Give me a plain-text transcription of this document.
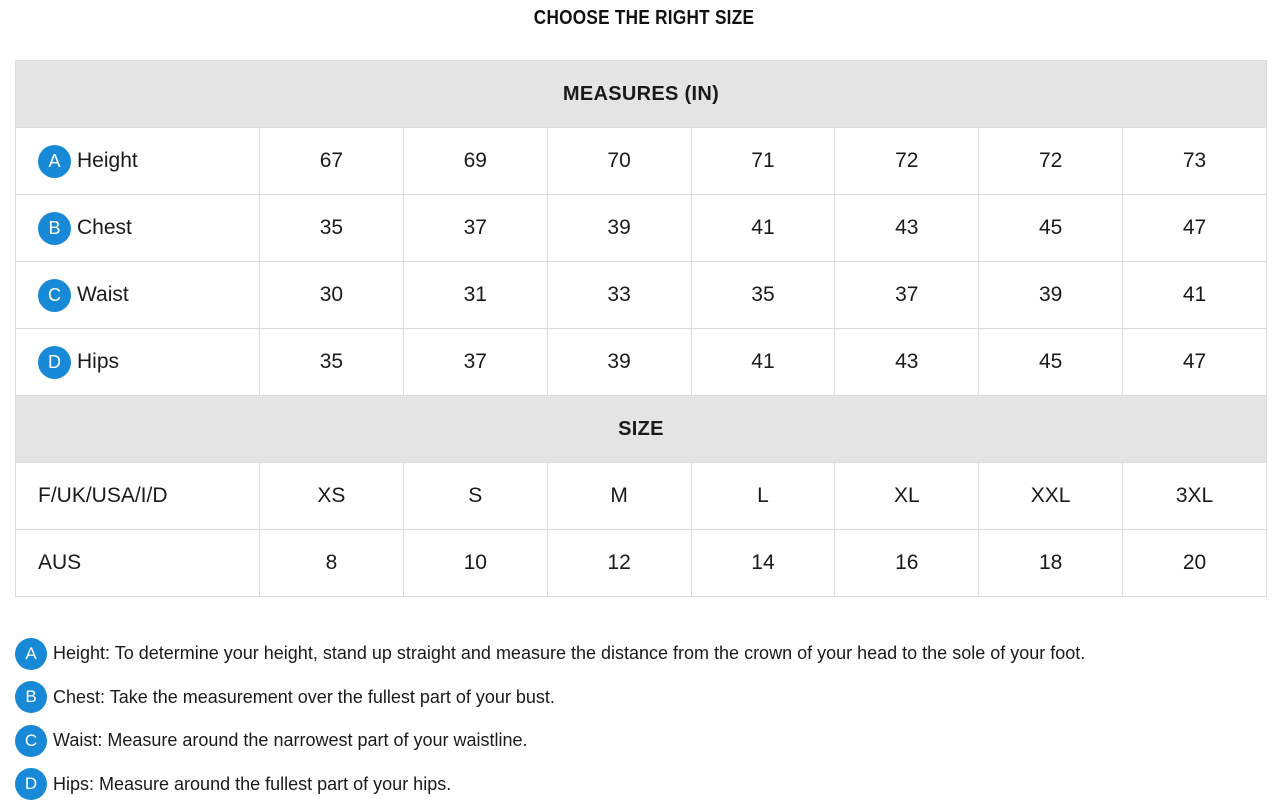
CHOOSE THE RIGHT SIZE
MEASURES (IN)							
A Height	67	69	70	71	72	72	73
B Chest	35	37	39	41	43	45	47
C Waist	30	31	33	35	37	39	41
D Hips	35	37	39	41	43	45	47
SIZE							
F/UK/USA/I/D	XS	S	M	L	XL	XXL	3XL
AUS	8	10	12	14	16	18	20
A Height: To determine your height, stand up straight and measure the distance from the crown of your head to the sole of your foot.
B Chest: Take the measurement over the fullest part of your bust.
C Waist: Measure around the narrowest part of your waistline.
D Hips: Measure around the fullest part of your hips.
